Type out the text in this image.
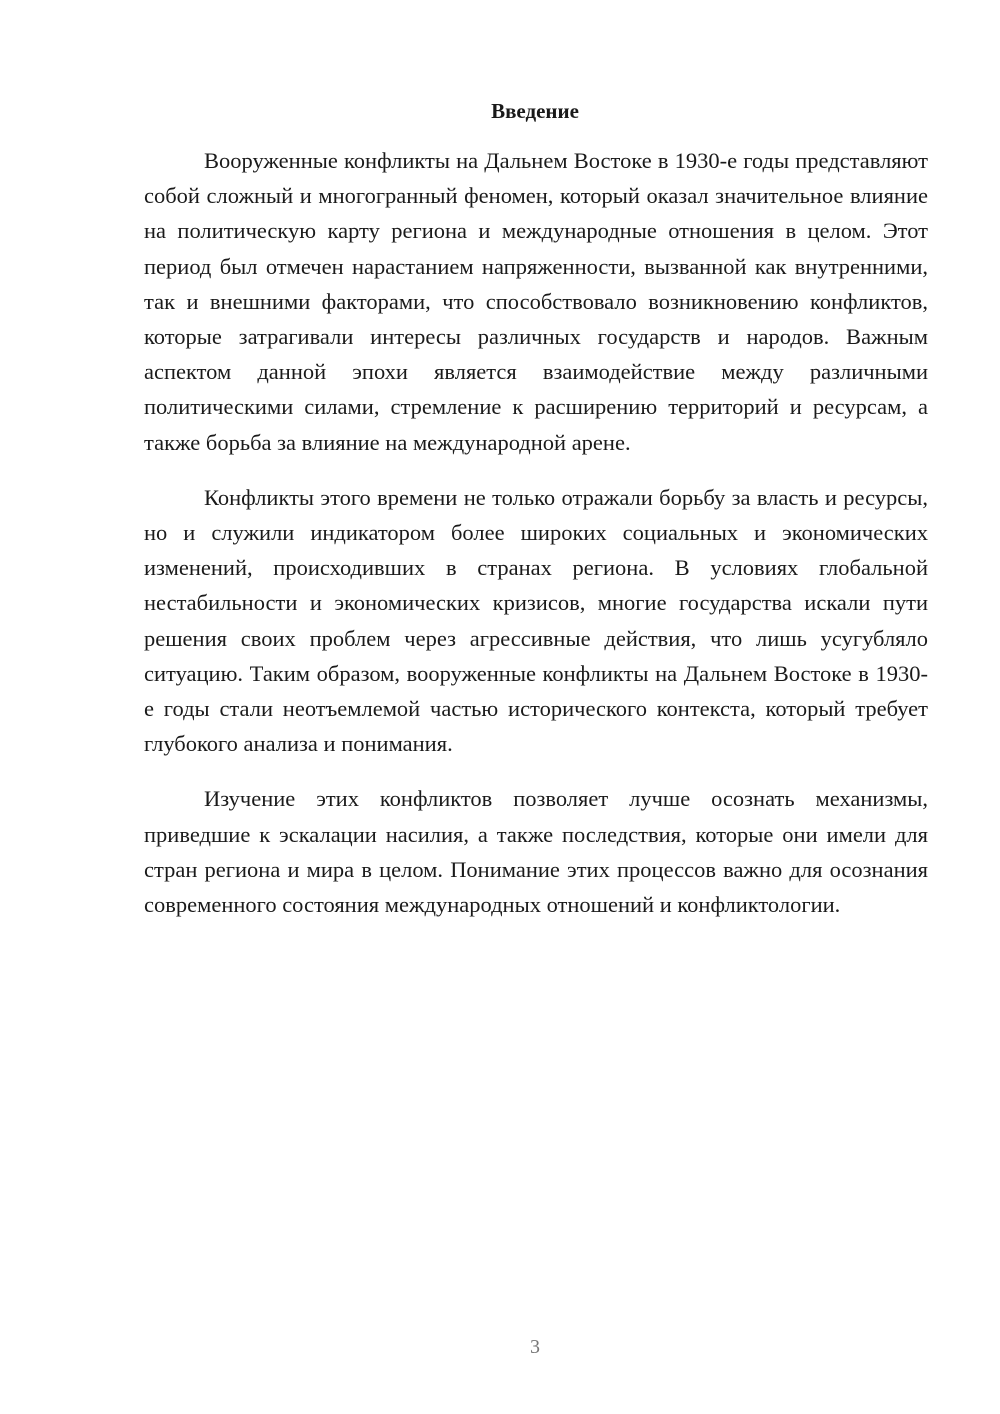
Введение

Вооруженные конфликты на Дальнем Востоке в 1930-е годы представляют собой сложный и многогранный феномен, который оказал значительное влияние на политическую карту региона и международные отношения в целом. Этот период был отмечен нарастанием напряженности, вызванной как внутренними, так и внешними факторами, что способствовало возникновению конфликтов, которые затрагивали интересы различных государств и народов. Важным аспектом данной эпохи является взаимодействие между различными политическими силами, стремление к расширению территорий и ресурсам, а также борьба за влияние на международной арене.

Конфликты этого времени не только отражали борьбу за власть и ресурсы, но и служили индикатором более широких социальных и экономических изменений, происходивших в странах региона. В условиях глобальной нестабильности и экономических кризисов, многие государства искали пути решения своих проблем через агрессивные действия, что лишь усугубляло ситуацию. Таким образом, вооруженные конфликты на Дальнем Востоке в 1930-е годы стали неотъемлемой частью исторического контекста, который требует глубокого анализа и понимания.

Изучение этих конфликтов позволяет лучше осознать механизмы, приведшие к эскалации насилия, а также последствия, которые они имели для стран региона и мира в целом. Понимание этих процессов важно для осознания современного состояния международных отношений и конфликтологии.

3
